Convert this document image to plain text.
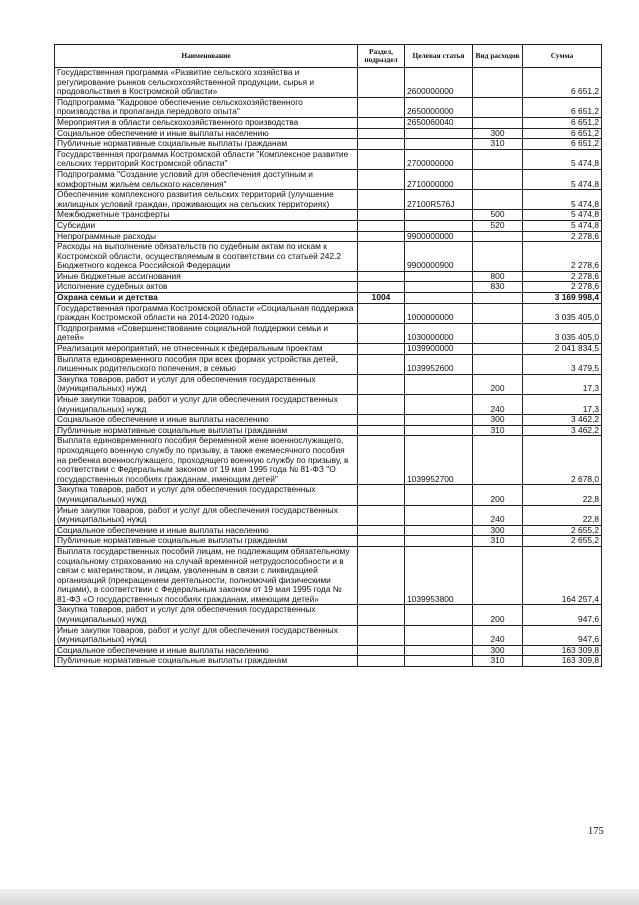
Наименование	Раздел, подраздел	Целевая статья	Вид расходов	Сумма
Государственная программа «Развитие сельского хозяйства и регулирование рынков сельскохозяйственной продукции, сырья и продовольствия в Костромской области»		2600000000		6 651,2
Подпрограмма "Кадровое обеспечение сельскохозяйственного производства и пропаганда передового опыта"		2650000000		6 651,2
Мероприятия в области сельскохозяйственного производства		2650060040		6 651,2
Социальное обеспечение и иные выплаты населению			300	6 651,2
Публичные нормативные социальные выплаты гражданам			310	6 651,2
Государственная программа Костромской области "Комплексное развитие сельских территорий Костромской области"		2700000000		5 474,8
Подпрограмма "Создание условий для обеспечения доступным и комфортным жильем сельского населения"		2710000000		5 474,8
Обеспечение комплексного развития сельских территорий (улучшение жилищных условий граждан, проживающих на сельских территориях)		27100R576J		5 474,8
Межбюджетные трансферты			500	5 474,8
Субсидии			520	5 474,8
Непрограммные расходы		9900000000		2 278,6
Расходы на выполнение обязательств по судебным актам по искам к Костромской области, осуществляемым в соответствии со статьей 242.2 Бюджетного кодекса Российской Федерации		9900000900		2 278,6
Иные бюджетные ассигнования			800	2 278,6
Исполнение судебных актов			830	2 278,6
Охрана семьи и детства	1004			3 169 998,4
Государственная программа Костромской области «Социальная поддержка граждан Костромской области на 2014-2020 годы»		1000000000		3 035 405,0
Подпрограмма «Совершенствование социальной поддержки семьи и детей»		1030000000		3 035 405,0
Реализация мероприятий, не отнесенных к федеральным проектам		1039900000		2 041 834,5
Выплата единовременного пособия при всех формах устройства детей, лишенных родительского попечения, в семью		1039952600		3 479,5
Закупка товаров, работ и услуг для обеспечения государственных (муниципальных) нужд			200	17,3
Иные закупки товаров, работ и услуг для обеспечения государственных (муниципальных) нужд			240	17,3
Социальное обеспечение и иные выплаты населению			300	3 462,2
Публичные нормативные социальные выплаты гражданам			310	3 462,2
Выплата единовременного пособия беременной жене военнослужащего, проходящего военную службу по призыву, а также ежемесячного пособия на ребенка военнослужащего, проходящего военную службу по призыву, в соответствии с Федеральным законом от 19 мая 1995 года № 81-ФЗ "О государственных пособиях гражданам, имеющим детей"		1039952700		2 678,0
Закупка товаров, работ и услуг для обеспечения государственных (муниципальных) нужд			200	22,8
Иные закупки товаров, работ и услуг для обеспечения государственных (муниципальных) нужд			240	22,8
Социальное обеспечение и иные выплаты населению			300	2 655,2
Публичные нормативные социальные выплаты гражданам			310	2 655,2
Выплата государственных пособий лицам, не подлежащим обязательному социальному страхованию на случай временной нетрудоспособности и в связи с материнством, и лицам, уволенным в связи с ликвидацией организаций (прекращением деятельности, полномочий физическими лицами), в соответствии с Федеральным законом от 19 мая 1995 года № 81-ФЗ «О государственных пособиях гражданам, имеющим детей»		1039953800		164 257,4
Закупка товаров, работ и услуг для обеспечения государственных (муниципальных) нужд			200	947,6
Иные закупки товаров, работ и услуг для обеспечения государственных (муниципальных) нужд			240	947,6
Социальное обеспечение и иные выплаты населению			300	163 309,8
Публичные нормативные социальные выплаты гражданам			310	163 309,8
175
